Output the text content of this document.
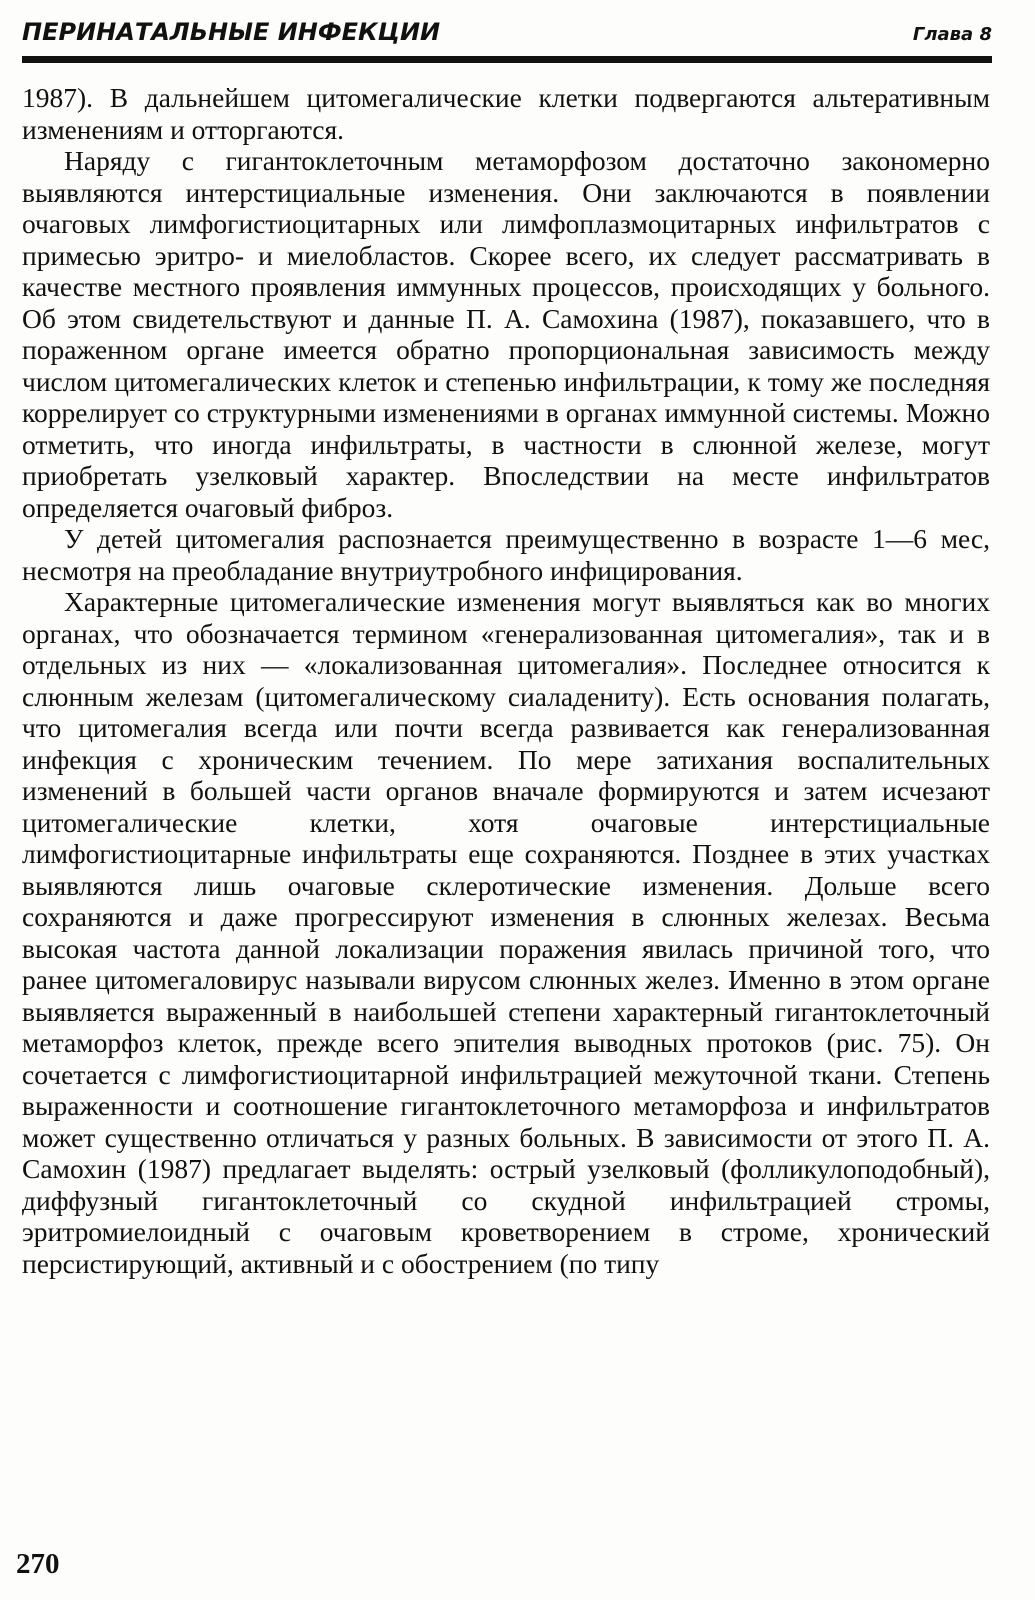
ПЕРИНАТАЛЬНЫЕ ИНФЕКЦИИ	Глава 8

1987). В дальнейшем цитомегалические клетки подвергаются альтеративным изменениям и отторгаются.

Наряду с гигантоклеточным метаморфозом достаточно закономерно выявляются интерстициальные изменения. Они заключаются в появлении очаговых лимфогистиоцитарных или лимфоплазмоцитарных инфильтратов с примесью эритро- и миелобластов. Скорее всего, их следует рассматривать в качестве местного проявления иммунных процессов, происходящих у больного. Об этом свидетельствуют и данные П. А. Самохина (1987), показавшего, что в пораженном органе имеется обратно пропорциональная зависимость между числом цитомегалических клеток и степенью инфильтрации, к тому же последняя коррелирует со структурными изменениями в органах иммунной системы. Можно отметить, что иногда инфильтраты, в частности в слюнной железе, могут приобретать узелковый характер. Впоследствии на месте инфильтратов определяется очаговый фиброз.

У детей цитомегалия распознается преимущественно в возрасте 1—6 мес, несмотря на преобладание внутриутробного инфицирования.

Характерные цитомегалические изменения могут выявляться как во многих органах, что обозначается термином «генерализованная цитомегалия», так и в отдельных из них — «локализованная цитомегалия». Последнее относится к слюнным железам (цитомегалическому сиаладениту). Есть основания полагать, что цитомегалия всегда или почти всегда развивается как генерализованная инфекция с хроническим течением. По мере затихания воспалительных изменений в большей части органов вначале формируются и затем исчезают цитомегалические клетки, хотя очаговые интерстициальные лимфогистиоцитарные инфильтраты еще сохраняются. Позднее в этих участках выявляются лишь очаговые склеротические изменения. Дольше всего сохраняются и даже прогрессируют изменения в слюнных железах. Весьма высокая частота данной локализации поражения явилась причиной того, что ранее цитомегаловирус называли вирусом слюнных желез. Именно в этом органе выявляется выраженный в наибольшей степени характерный гигантоклеточный метаморфоз клеток, прежде всего эпителия выводных протоков (рис. 75). Он сочетается с лимфогистиоцитарной инфильтрацией межуточной ткани. Степень выраженности и соотношение гигантоклеточного метаморфоза и инфильтратов может существенно отличаться у разных больных. В зависимости от этого П. А. Самохин (1987) предлагает выделять: острый узелковый (фолликулоподобный), диффузный гигантоклеточный со скудной инфильтрацией стромы, эритромиелоидный с очаговым кроветворением в строме, хронический персистирующий, активный и с обострением (по типу

270
